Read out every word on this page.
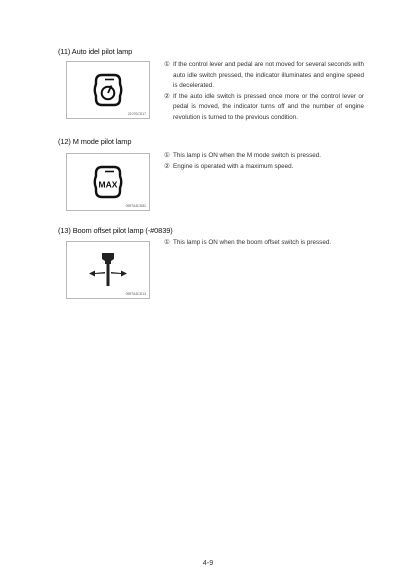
(11) Auto idel pilot lamp
21070CD17
① If the control lever and pedal are not moved for several seconds with auto idle switch pressed, the indicator illuminates and engine speed is decelerated.
② If the auto idle switch is pressed once more or the control lever or pedal is moved, the indicator turns off and the number of engine revolution is turned to the previous condition.
(12) M mode pilot lamp
MAX
0997A3CD82
① This lamp is ON when the M mode switch is pressed.
② Engine is operated with a maximum speed.
(13) Boom offset pilot lamp (-#0839)
0997A3CD13
① This lamp is ON when the boom offset switch is pressed.
4-9
